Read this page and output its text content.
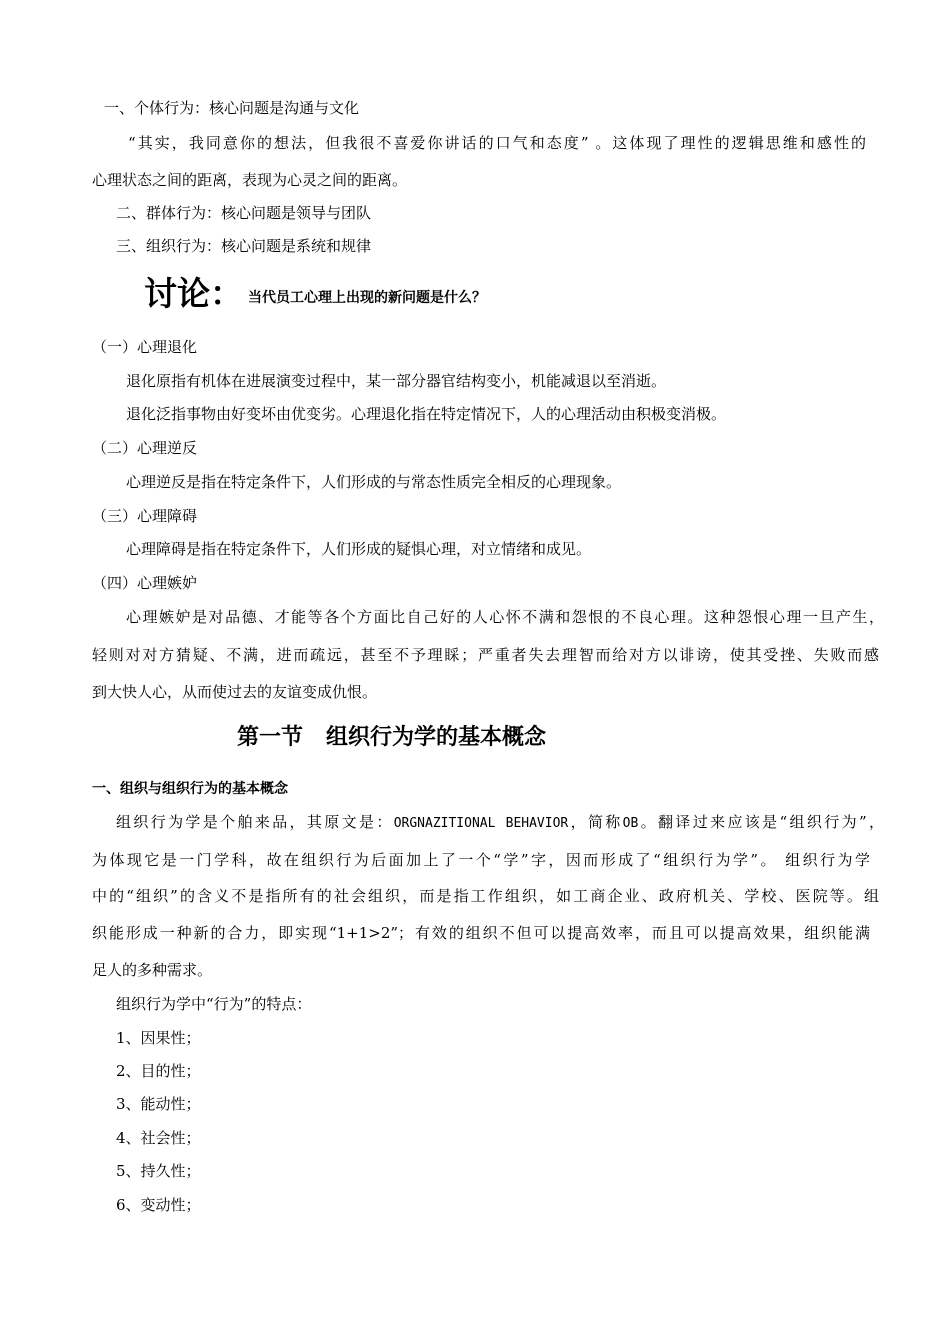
一、个体行为：核心问题是沟通与文化
“其实，我同意你的想法，但我很不喜爱你讲话的口气和态度” 。这体现了理性的逻辑思维和感性的
心理状态之间的距离，表现为心灵之间的距离。
二、群体行为：核心问题是领导与团队
三、组织行为：核心问题是系统和规律
讨论： 当代员工心理上出现的新问题是什么？
（一）心理退化
退化原指有机体在进展演变过程中，某一部分器官结构变小，机能减退以至消逝。
退化泛指事物由好变坏由优变劣。心理退化指在特定情况下，人的心理活动由积极变消极。
（二）心理逆反
心理逆反是指在特定条件下，人们形成的与常态性质完全相反的心理现象。
（三）心理障碍
心理障碍是指在特定条件下，人们形成的疑惧心理，对立情绪和成见。
（四）心理嫉妒
心理嫉妒是对品德、才能等各个方面比自己好的人心怀不满和怨恨的不良心理。这种怨恨心理一旦产生，
轻则对对方猜疑、不满，进而疏远，甚至不予理睬；严重者失去理智而给对方以诽谤，使其受挫、失败而感
到大快人心，从而使过去的友谊变成仇恨。
第一节   组织行为学的基本概念
一、组织与组织行为的基本概念
组织行为学是个舶来品，其原文是：ORGNAZITIONAL BEHAVIOR，简称OB。翻译过来应该是“组织行为”，
为体现它是一门学科，故在组织行为后面加上了一个“学”字，因而形成了“组织行为学”。 组织行为学
中的“组织”的含义不是指所有的社会组织，而是指工作组织，如工商企业、政府机关、学校、医院等。组
织能形成一种新的合力，即实现“1+1>2”；有效的组织不但可以提高效率，而且可以提高效果，组织能满
足人的多种需求。
组织行为学中“行为”的特点：
1、因果性；
2、目的性；
3、能动性；
4、社会性；
5、持久性；
6、变动性；
